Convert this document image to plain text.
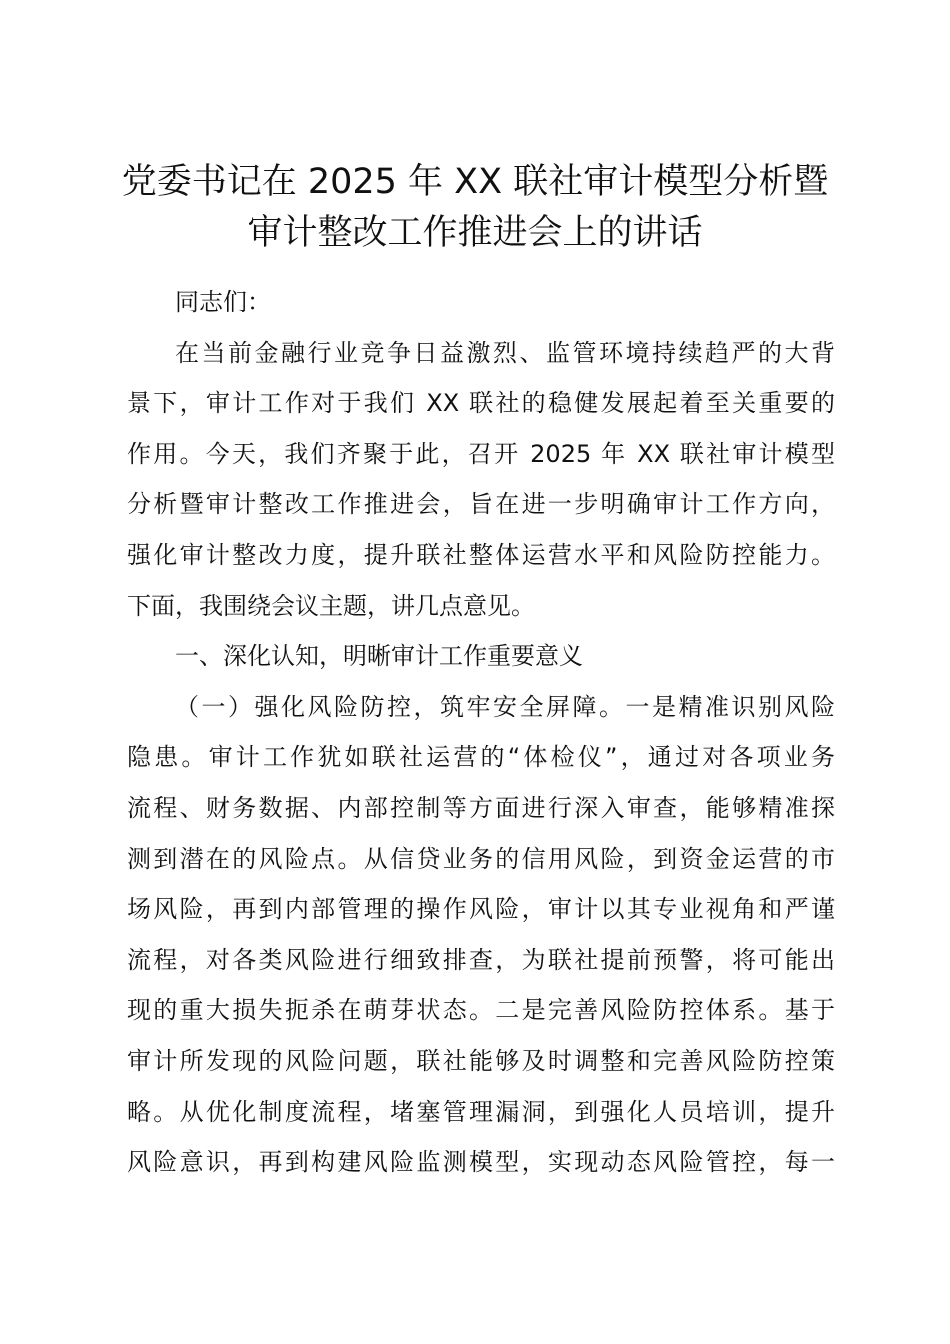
党委书记在 2025 年 XX 联社审计模型分析暨
审计整改工作推进会上的讲话

同志们：

在当前金融行业竞争日益激烈、监管环境持续趋严的大背
景下，审计工作对于我们 XX 联社的稳健发展起着至关重要的
作用。今天，我们齐聚于此，召开 2025 年 XX 联社审计模型
分析暨审计整改工作推进会，旨在进一步明确审计工作方向，
强化审计整改力度，提升联社整体运营水平和风险防控能力。
下面，我围绕会议主题，讲几点意见。

一、深化认知，明晰审计工作重要意义

（一）强化风险防控，筑牢安全屏障。一是精准识别风险
隐患。审计工作犹如联社运营的“体检仪”，通过对各项业务
流程、财务数据、内部控制等方面进行深入审查，能够精准探
测到潜在的风险点。从信贷业务的信用风险，到资金运营的市
场风险，再到内部管理的操作风险，审计以其专业视角和严谨
流程，对各类风险进行细致排查，为联社提前预警，将可能出
现的重大损失扼杀在萌芽状态。二是完善风险防控体系。基于
审计所发现的风险问题，联社能够及时调整和完善风险防控策
略。从优化制度流程，堵塞管理漏洞，到强化人员培训，提升
风险意识，再到构建风险监测模型，实现动态风险管控，每一
